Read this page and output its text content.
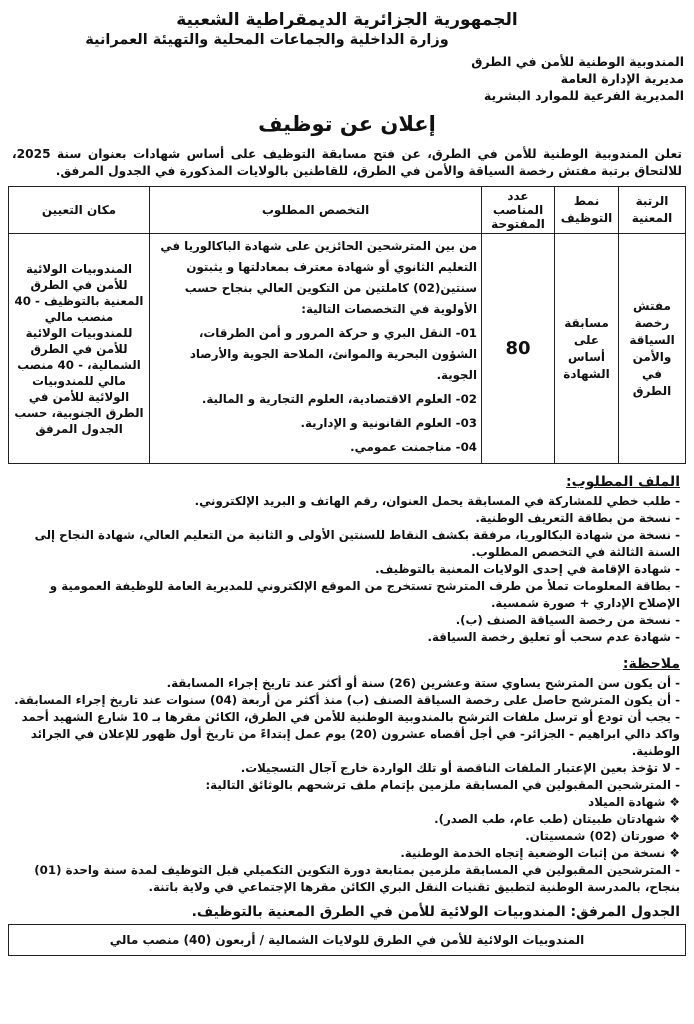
الجمهورية الجزائرية الديمقراطية الشعبية
وزارة الداخلية والجماعات المحلية والتهيئة العمرانية
المندوبية الوطنية للأمن في الطرق
مديرية الإدارة العامة
المديرية الفرعية للموارد البشرية
إعلان عن توظيف
تعلن المندوبية الوطنية للأمن في الطرق، عن فتح مسابقة التوظيف على أساس شهادات بعنوان سنة 2025، للالتحاق برتبة مفتش رخصة السياقة والأمن في الطرق، للقاطنين بالولايات المذكورة في الجدول المرفق.
الرتبة المعنية	نمط التوظيف	عدد المناصب المفتوحة	التخصص المطلوب	مكان التعيين
مفتش رخصة السياقة والأمن في الطرق	مسابقة على أساس الشهادة	80	من بين المترشحين الحائزين على شهادة الباكالوريا في التعليم الثانوي أو شهادة معترف بمعادلتها و يثبتون سنتين(02) كاملتين من التكوين العالي بنجاح حسب الأولوية في التخصصات التالية:
01- النقل البري و حركة المرور و أمن الطرقات، الشؤون البحرية والموانئ، الملاحة الجوية والأرصاد الجوية.
02- العلوم الاقتصادية، العلوم التجارية و المالية.
03- العلوم القانونية و الإدارية.
04- مناجمنت عمومي.	المندوبيات الولائية للأمن في الطرق المعنية بالتوظيف - 40 منصب مالي للمندوبيات الولائية للأمن في الطرق الشمالية، - 40 منصب مالي للمندوبيات الولائية للأمن في الطرق الجنوبية، حسب الجدول المرفق
الملف المطلوب:
- طلب خطي للمشاركة في المسابقة يحمل العنوان، رقم الهاتف و البريد الإلكتروني.
- نسخة من بطاقة التعريف الوطنية.
- نسخة من شهادة البكالوريا، مرفقة بكشف النقاط للسنتين الأولى و الثانية من التعليم العالي، شهادة النجاح إلى السنة الثالثة في التخصص المطلوب.
- شهادة الإقامة في إحدى الولايات المعنية بالتوظيف.
- بطاقة المعلومات تملأ من طرف المترشح تستخرج من الموقع الإلكتروني للمديرية العامة للوظيفة العمومية و الإصلاح الإداري + صورة شمسية.
- نسخة من رخصة السياقة الصنف (ب).
- شهادة عدم سحب أو تعليق رخصة السياقة.
ملاحظة:
- أن يكون سن المترشح يساوي ستة وعشرين (26) سنة أو أكثر عند تاريخ إجراء المسابقة.
- أن يكون المترشح حاصل على رخصة السياقة الصنف (ب) منذ أكثر من أربعة (04) سنوات عند تاريخ إجراء المسابقة.
- يجب أن تودع أو ترسل ملفات الترشح بالمندوبية الوطنية للأمن في الطرق، الكائن مقرها بـ 10 شارع الشهيد أحمد واكد دالي ابراهيم - الجزائر- في أجل أقصاه عشرون (20) يوم عمل إبتداءً من تاريخ أول ظهور للإعلان في الجرائد الوطنية.
- لا تؤخذ بعين الإعتبار الملفات الناقصة أو تلك الواردة خارج آجال التسجيلات.
- المترشحين المقبولين في المسابقة ملزمين بإتمام ملف ترشحهم بالوثائق التالية:
❖ شهادة الميلاد
❖ شهادتان طبيتان (طب عام، طب الصدر).
❖ صورتان (02) شمسيتان.
❖ نسخة من إثبات الوضعية إتجاه الخدمة الوطنية.
- المترشحين المقبولين في المسابقة ملزمين بمتابعة دورة التكوين التكميلي قبل التوظيف لمدة سنة واحدة (01) بنجاح، بالمدرسة الوطنية لتطبيق تقنيات النقل البري الكائن مقرها الإجتماعي في ولاية باتنة.
الجدول المرفق: المندوبيات الولائية للأمن في الطرق المعنية بالتوظيف.
المندوبيات الولائية للأمن في الطرق للولايات الشمالية / أربعون (40) منصب مالي
